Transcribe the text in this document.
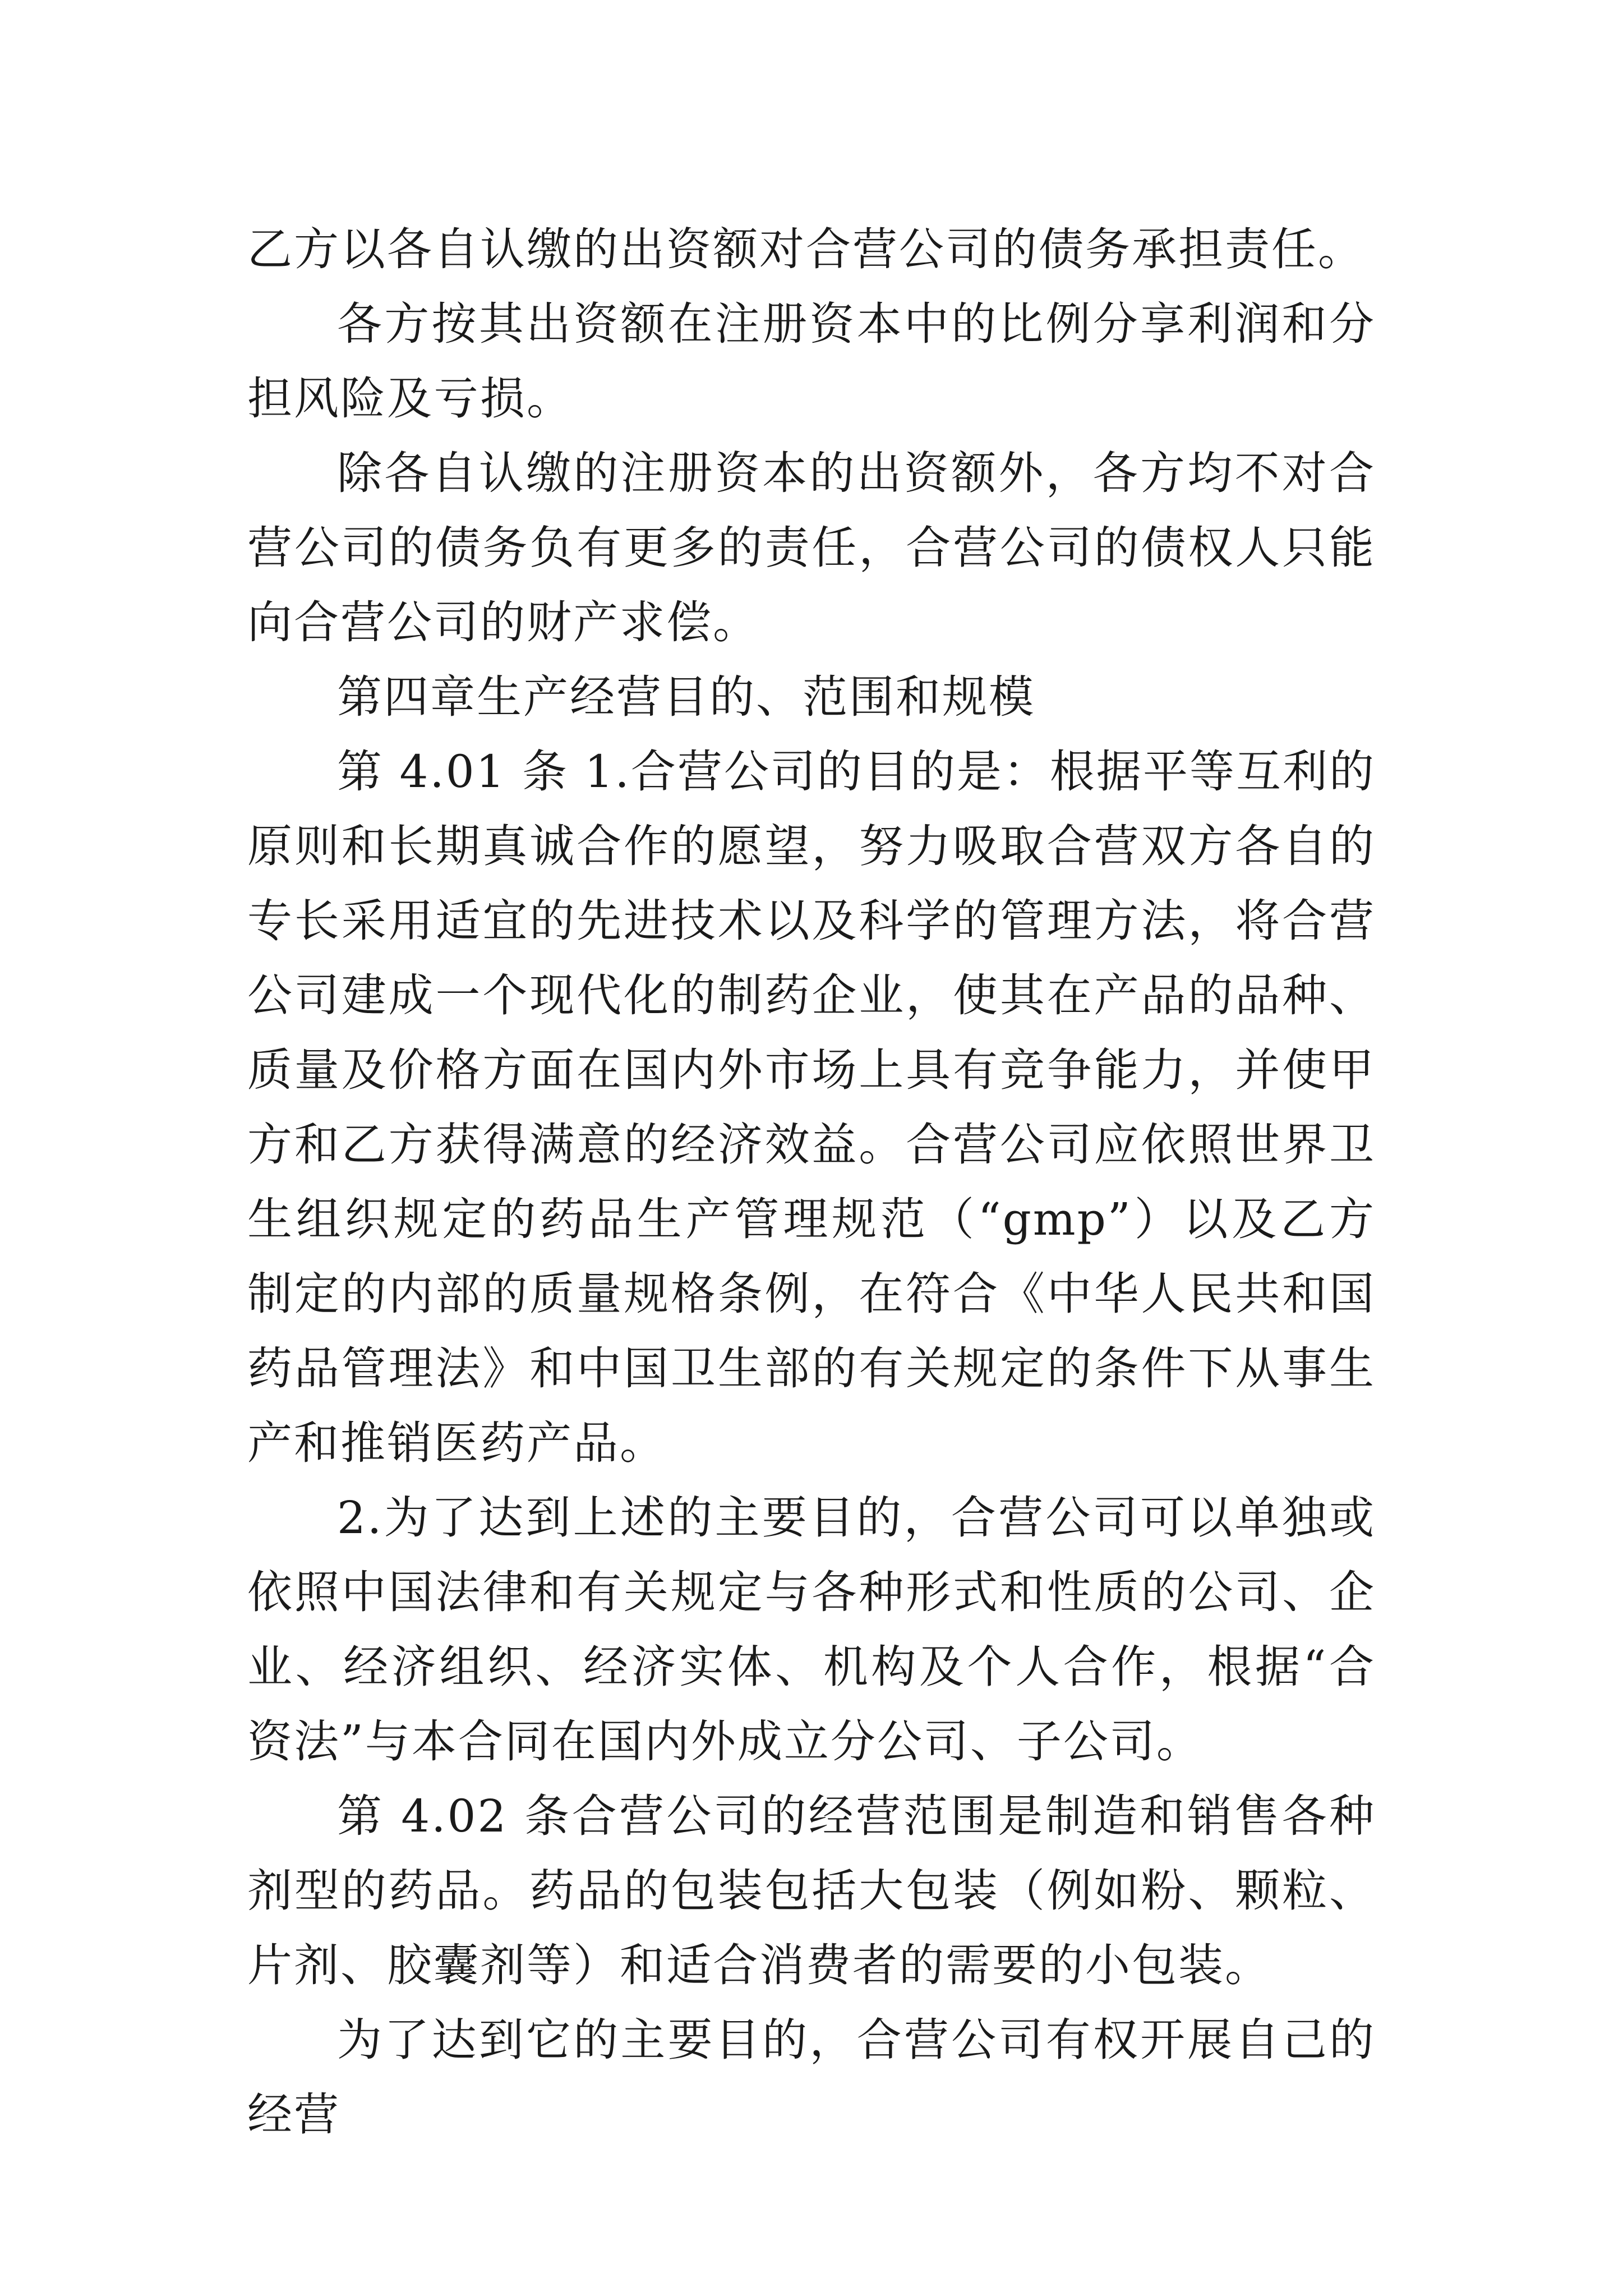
乙方以各自认缴的出资额对合营公司的债务承担责任。

各方按其出资额在注册资本中的比例分享利润和分担风险及亏损。

除各自认缴的注册资本的出资额外，各方均不对合营公司的债务负有更多的责任，合营公司的债权人只能向合营公司的财产求偿。

第四章生产经营目的、范围和规模

第 4.01 条 1.合营公司的目的是：根据平等互利的原则和长期真诚合作的愿望，努力吸取合营双方各自的专长采用适宜的先进技术以及科学的管理方法，将合营公司建成一个现代化的制药企业，使其在产品的品种、质量及价格方面在国内外市场上具有竞争能力，并使甲方和乙方获得满意的经济效益。合营公司应依照世界卫生组织规定的药品生产管理规范（“gmp”）以及乙方制定的内部的质量规格条例，在符合《中华人民共和国药品管理法》和中国卫生部的有关规定的条件下从事生产和推销医药产品。

2.为了达到上述的主要目的，合营公司可以单独或依照中国法律和有关规定与各种形式和性质的公司、企业、经济组织、经济实体、机构及个人合作，根据“合资法”与本合同在国内外成立分公司、子公司。

第 4.02 条合营公司的经营范围是制造和销售各种剂型的药品。药品的包装包括大包装（例如粉、颗粒、片剂、胶囊剂等）和适合消费者的需要的小包装。

为了达到它的主要目的，合营公司有权开展自己的经营
